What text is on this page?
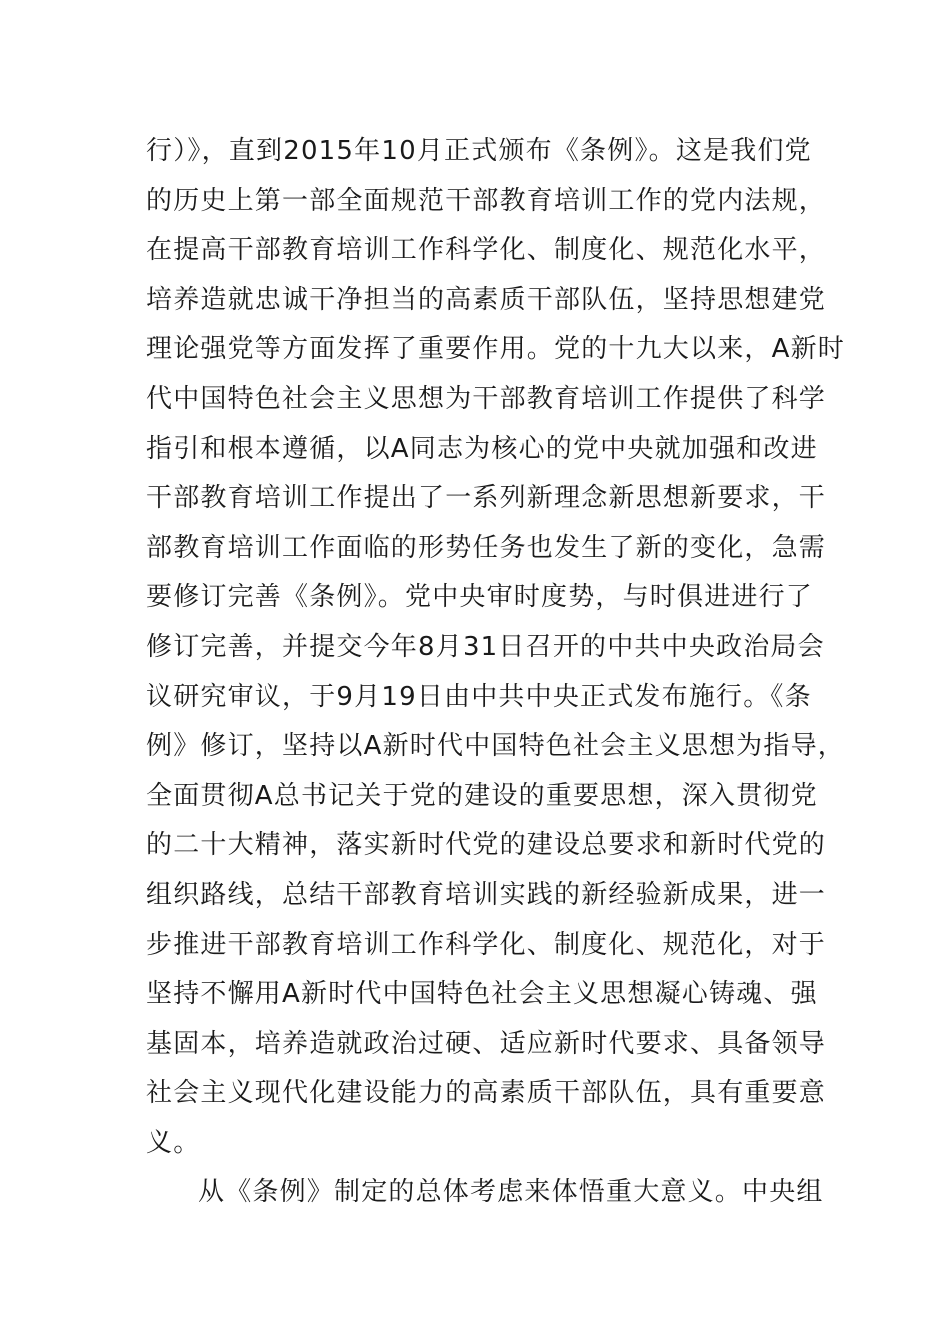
行）》，直到2015年10月正式颁布《条例》。这是我们党
的历史上第一部全面规范干部教育培训工作的党内法规，
在提高干部教育培训工作科学化、制度化、规范化水平，
培养造就忠诚干净担当的高素质干部队伍，坚持思想建党
理论强党等方面发挥了重要作用。党的十九大以来，A新时
代中国特色社会主义思想为干部教育培训工作提供了科学
指引和根本遵循，以A同志为核心的党中央就加强和改进
干部教育培训工作提出了一系列新理念新思想新要求，干
部教育培训工作面临的形势任务也发生了新的变化，急需
要修订完善《条例》。党中央审时度势，与时俱进进行了
修订完善，并提交今年8月31日召开的中共中央政治局会
议研究审议，于9月19日由中共中央正式发布施行。《条
例》修订，坚持以A新时代中国特色社会主义思想为指导，
全面贯彻A总书记关于党的建设的重要思想，深入贯彻党
的二十大精神，落实新时代党的建设总要求和新时代党的
组织路线，总结干部教育培训实践的新经验新成果，进一
步推进干部教育培训工作科学化、制度化、规范化，对于
坚持不懈用A新时代中国特色社会主义思想凝心铸魂、强
基固本，培养造就政治过硬、适应新时代要求、具备领导
社会主义现代化建设能力的高素质干部队伍，具有重要意
义。
从《条例》制定的总体考虑来体悟重大意义。中央组
